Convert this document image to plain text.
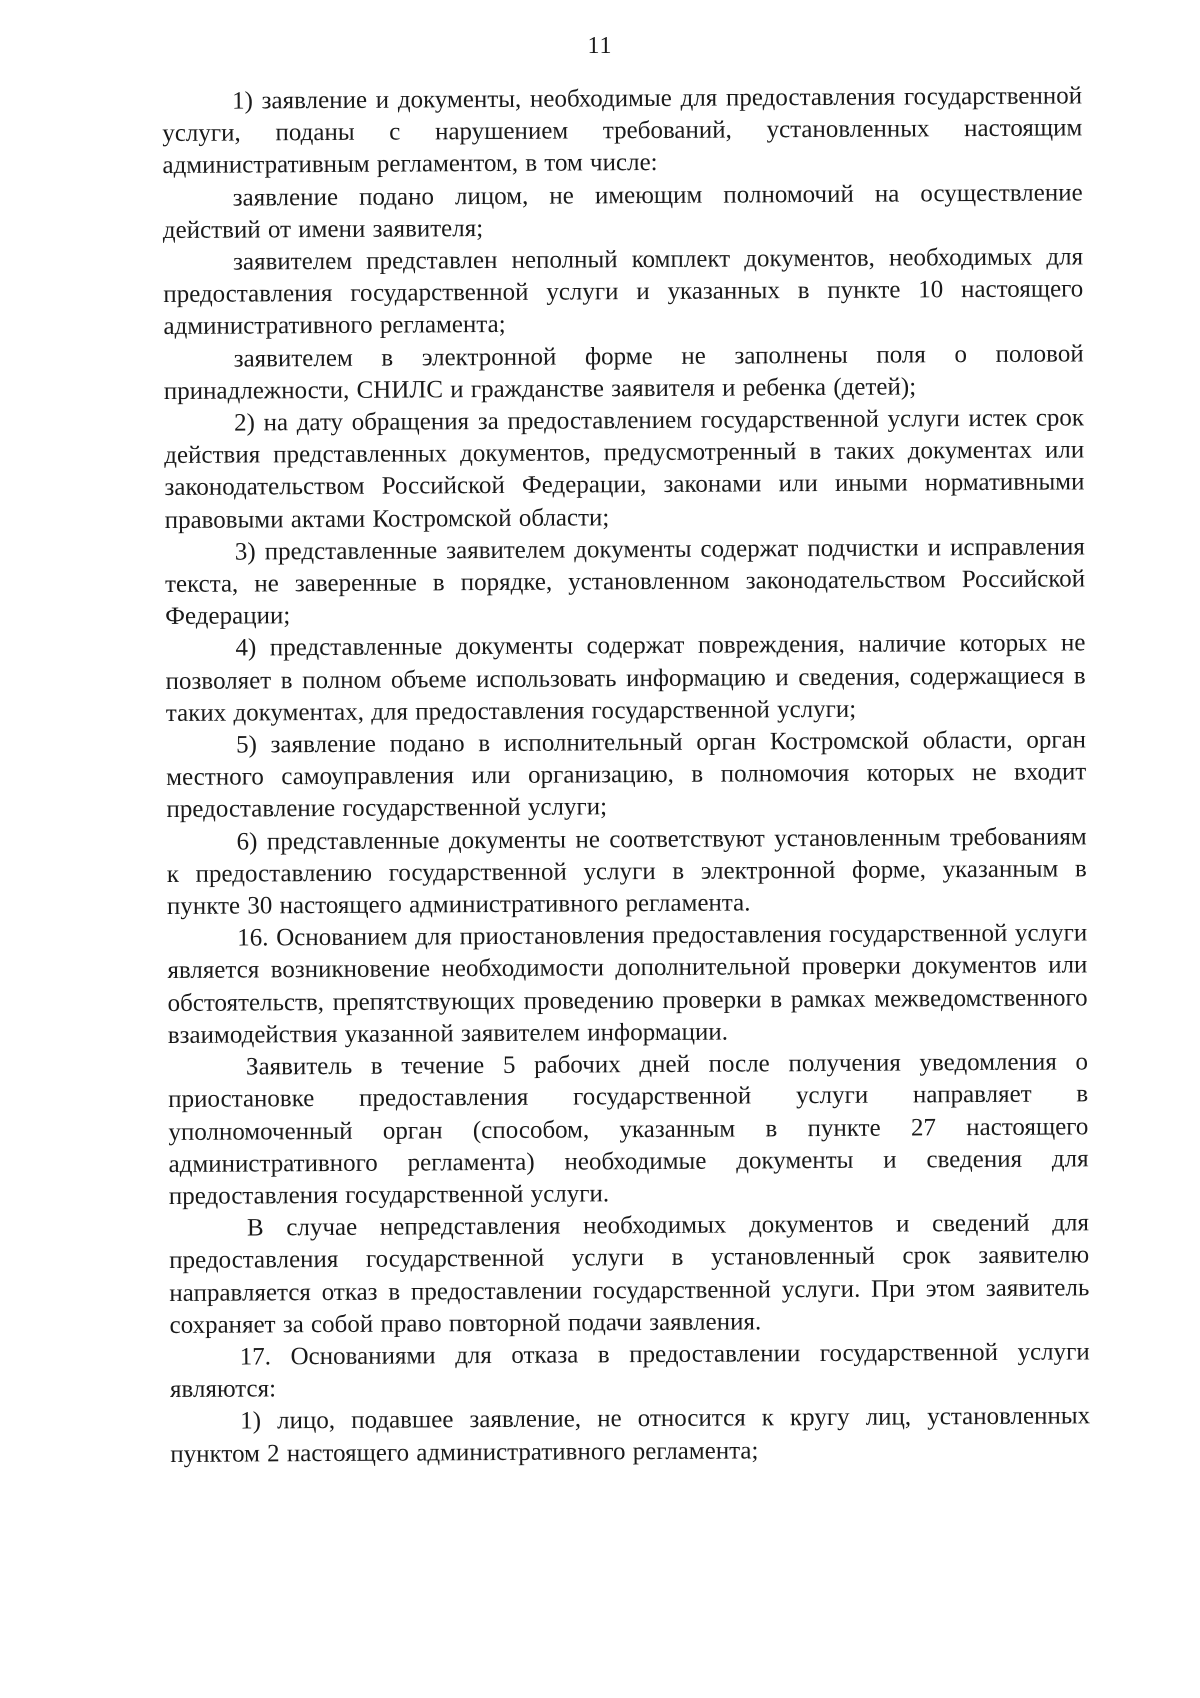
11

1) заявление и документы, необходимые для предоставления государственной услуги, поданы с нарушением требований, установленных настоящим административным регламентом, в том числе:

заявление подано лицом, не имеющим полномочий на осуществление действий от имени заявителя;

заявителем представлен неполный комплект документов, необходимых для предоставления государственной услуги и указанных в пункте 10 настоящего административного регламента;

заявителем в электронной форме не заполнены поля о половой принадлежности, СНИЛС и гражданстве заявителя и ребенка (детей);

2) на дату обращения за предоставлением государственной услуги истек срок действия представленных документов, предусмотренный в таких документах или законодательством Российской Федерации, законами или иными нормативными правовыми актами Костромской области;

3) представленные заявителем документы содержат подчистки и исправления текста, не заверенные в порядке, установленном законодательством Российской Федерации;

4) представленные документы содержат повреждения, наличие которых не позволяет в полном объеме использовать информацию и сведения, содержащиеся в таких документах, для предоставления государственной услуги;

5) заявление подано в исполнительный орган Костромской области, орган местного самоуправления или организацию, в полномочия которых не входит предоставление государственной услуги;

6) представленные документы не соответствуют установленным требованиям к предоставлению государственной услуги в электронной форме, указанным в пункте 30 настоящего административного регламента.

16. Основанием для приостановления предоставления государственной услуги является возникновение необходимости дополнительной проверки документов или обстоятельств, препятствующих проведению проверки в рамках межведомственного взаимодействия указанной заявителем информации.

Заявитель в течение 5 рабочих дней после получения уведомления о приостановке предоставления государственной услуги направляет в уполномоченный орган (способом, указанным в пункте 27 настоящего административного регламента) необходимые документы и сведения для предоставления государственной услуги.

В случае непредставления необходимых документов и сведений для предоставления государственной услуги в установленный срок заявителю направляется отказ в предоставлении государственной услуги. При этом заявитель сохраняет за собой право повторной подачи заявления.

17. Основаниями для отказа в предоставлении государственной услуги являются:

1) лицо, подавшее заявление, не относится к кругу лиц, установленных пунктом 2 настоящего административного регламента;
